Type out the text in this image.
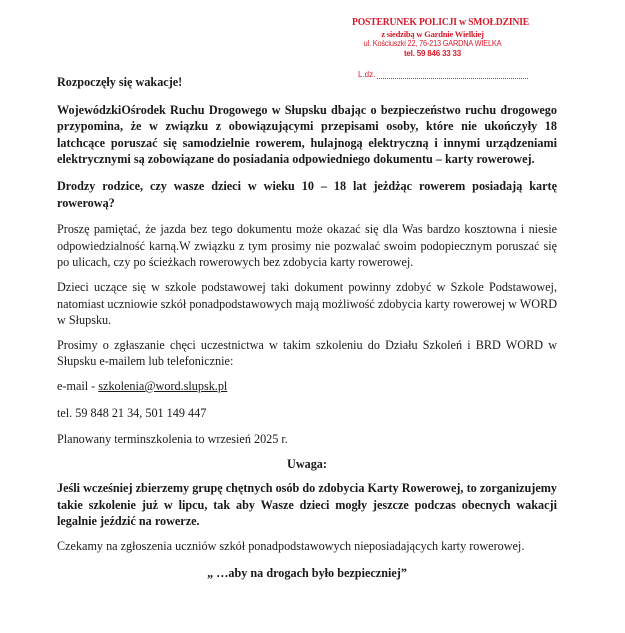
POSTERUNEK POLICJI w SMOŁDZINIE
z siedzibą w Gardnie Wielkiej
ul. Kościuszki 22, 76-213 GARDNA WIELKA
tel. 59 846 33 33
L.dz.

Rozpoczęły się wakacje!

WojewódzkiOśrodek Ruchu Drogowego w Słupsku dbając o bezpieczeństwo ruchu drogowego przypomina, że w związku z obowiązującymi przepisami osoby, które nie ukończyły 18 latchcące poruszać się samodzielnie rowerem, hulajnogą elektryczną i innymi urządzeniami elektrycznymi są zobowiązane do posiadania odpowiedniego dokumentu – karty rowerowej.

Drodzy rodzice, czy wasze dzieci w wieku 10 – 18 lat jeżdżąc rowerem posiadają kartę rowerową?

Proszę pamiętać, że jazda bez tego dokumentu może okazać się dla Was bardzo kosztowna i niesie odpowiedzialność karną.W związku z tym prosimy nie pozwalać swoim podopiecznym poruszać się po ulicach, czy po ścieżkach rowerowych bez zdobycia karty rowerowej.

Dzieci uczące się w szkole podstawowej taki dokument powinny zdobyć w Szkole Podstawowej, natomiast uczniowie szkół ponadpodstawowych mają możliwość zdobycia karty rowerowej w WORD w Słupsku.

Prosimy o zgłaszanie chęci uczestnictwa w takim szkoleniu do Działu Szkoleń i BRD WORD w Słupsku e-mailem lub telefonicznie:

e-mail - szkolenia@word.slupsk.pl

tel. 59 848 21 34, 501 149 447

Planowany terminszkolenia to wrzesień 2025 r.

Uwaga:

Jeśli wcześniej zbierzemy grupę chętnych osób do zdobycia Karty Rowerowej, to zorganizujemy takie szkolenie już w lipcu, tak aby Wasze dzieci mogły jeszcze podczas obecnych wakacji legalnie jeździć na rowerze.

Czekamy na zgłoszenia uczniów szkół ponadpodstawowych nieposiadających karty rowerowej.

„ …aby na drogach było bezpieczniej”
